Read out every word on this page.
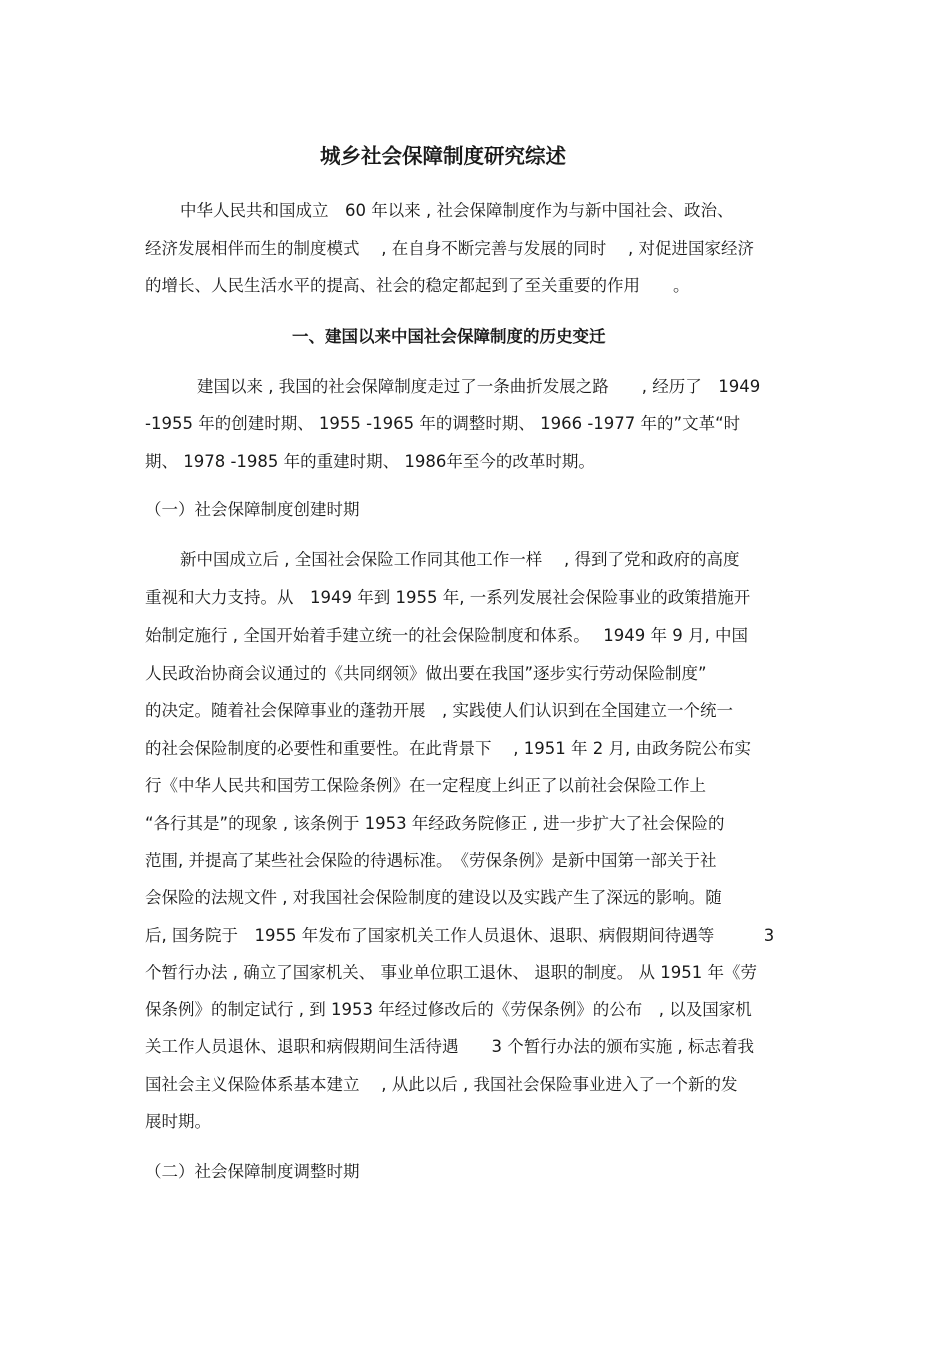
城乡社会保障制度研究综述

中华人民共和国成立　60 年以来 , 社会保障制度作为与新中国社会、政治、

经济发展相伴而生的制度模式　 , 在自身不断完善与发展的同时　 , 对促进国家经济

的增长、人民生活水平的提高、社会的稳定都起到了至关重要的作用　　。

一、建国以来中国社会保障制度的历史变迁

建国以来 , 我国的社会保障制度走过了一条曲折发展之路　　, 经历了　1949

-1955 年的创建时期、 1955 -1965 年的调整时期、 1966 -1977 年的”文革“时

期、 1978 -1985 年的重建时期、 1986年至今的改革时期。

（一）社会保障制度创建时期

新中国成立后 , 全国社会保险工作同其他工作一样　 , 得到了党和政府的高度

重视和大力支持。从　1949 年到 1955 年, 一系列发展社会保险事业的政策措施开

始制定施行 , 全国开始着手建立统一的社会保险制度和体系。　 1949 年 9 月, 中国

人民政治协商会议通过的《共同纲领》做出要在我国”逐步实行劳动保险制度”

的决定。随着社会保障事业的蓬勃开展　, 实践使人们认识到在全国建立一个统一

的社会保险制度的必要性和重要性。在此背景下　 , 1951 年 2 月, 由政务院公布实

行《中华人民共和国劳工保险条例》在一定程度上纠正了以前社会保险工作上

“各行其是”的现象 , 该条例于 1953 年经政务院修正 , 进一步扩大了社会保险的

范围, 并提高了某些社会保险的待遇标准。　《劳保条例》是新中国第一部关于社

会保险的法规文件 , 对我国社会保险制度的建设以及实践产生了深远的影响。随

后, 国务院于　1955 年发布了国家机关工作人员退休、退职、病假期间待遇等　　　3

个暂行办法 , 确立了国家机关、 事业单位职工退休、 退职的制度。 从 1951 年《劳

保条例》的制定试行 , 到 1953 年经过修改后的《劳保条例》的公布　, 以及国家机

关工作人员退休、退职和病假期间生活待遇　　3 个暂行办法的颁布实施 , 标志着我

国社会主义保险体系基本建立　 , 从此以后 , 我国社会保险事业进入了一个新的发

展时期。

（二）社会保障制度调整时期
